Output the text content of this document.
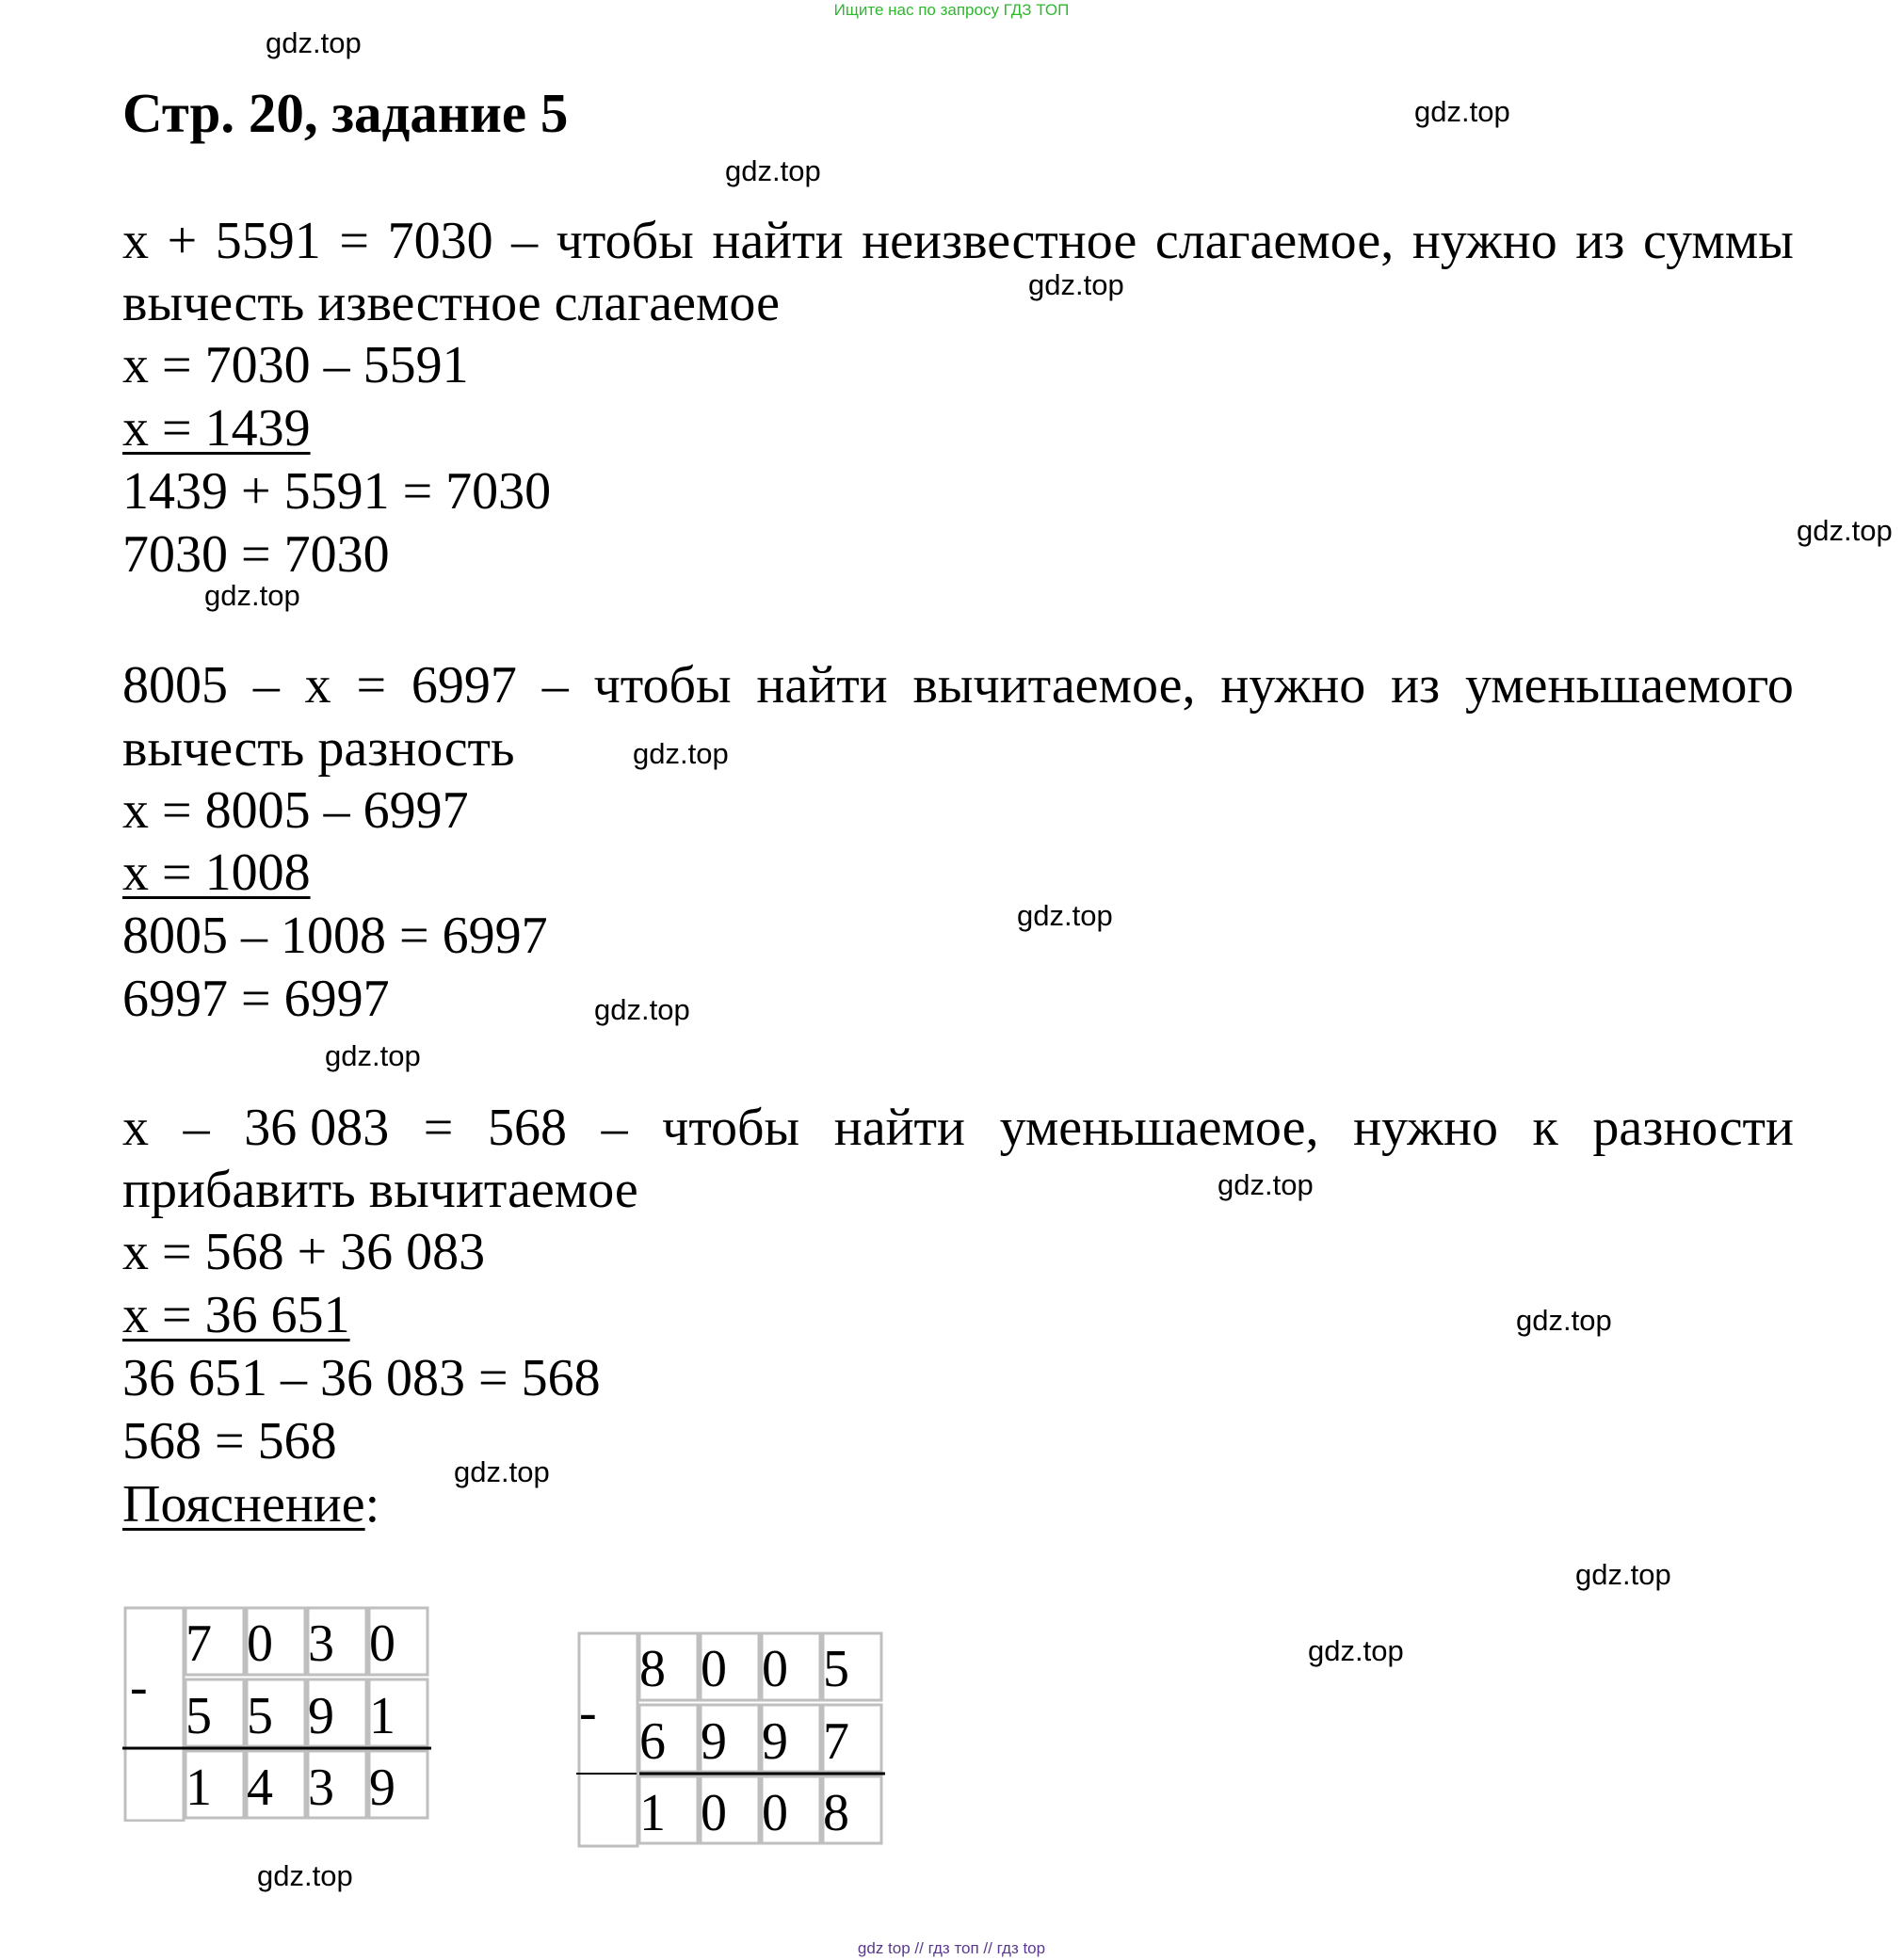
Ищите нас по запросу ГДЗ ТОП
Стр. 20, задание 5
gdz.top
gdz.top
gdz.top
gdz.top
gdz.top
gdz.top
gdz.top
gdz.top
gdz.top
gdz.top
gdz.top
gdz.top
gdz.top
gdz.top
gdz.top
gdz.top
x + 5591 = 7030 – чтобы найти неизвестное слагаемое, нужно из суммы
вычесть известное слагаемое
x = 7030 – 5591
x = 1439
1439 + 5591 = 7030
7030 = 7030
8005 – x = 6997 – чтобы найти вычитаемое, нужно из уменьшаемого
вычесть разность
x = 8005 – 6997
x = 1008
8005 – 1008 = 6997
6997 = 6997
x – 36 083 = 568 – чтобы найти уменьшаемое, нужно к разности
прибавить вычитаемое
x = 568 + 36 083
x = 36 651
36 651 – 36 083 = 568
568 = 568
Пояснение:
-
7 0 3 0
5 5 9 1
1 4 3 9
-
8 0 0 5
6 9 9 7
1 0 0 8
gdz top // гдз топ // гдз top
